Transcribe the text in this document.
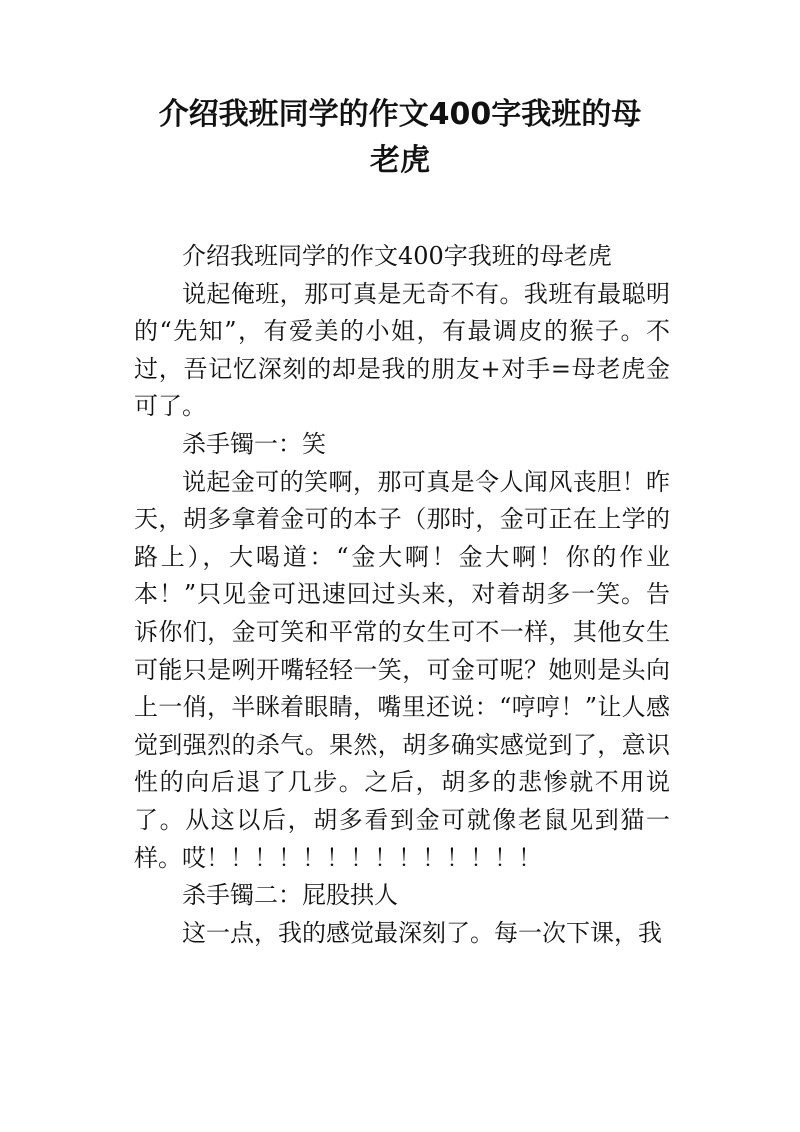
介绍我班同学的作文400字我班的母
老虎

介绍我班同学的作文400字我班的母老虎

说起俺班，那可真是无奇不有。我班有最聪明的“先知”，有爱美的小姐，有最调皮的猴子。不过，吾记忆深刻的却是我的朋友+对手=母老虎金可了。

杀手镯一：笑

说起金可的笑啊，那可真是令人闻风丧胆！昨天，胡多拿着金可的本子（那时，金可正在上学的路上），大喝道：“金大啊！金大啊！你的作业本！”只见金可迅速回过头来，对着胡多一笑。告诉你们，金可笑和平常的女生可不一样，其他女生可能只是咧开嘴轻轻一笑，可金可呢？她则是头向上一俏，半眯着眼睛，嘴里还说：“哼哼！”让人感觉到强烈的杀气。果然，胡多确实感觉到了，意识性的向后退了几步。之后，胡多的悲惨就不用说了。从这以后，胡多看到金可就像老鼠见到猫一样。哎！！！！！！！！！！！！！！

杀手镯二：屁股拱人

这一点，我的感觉最深刻了。每一次下课，我
